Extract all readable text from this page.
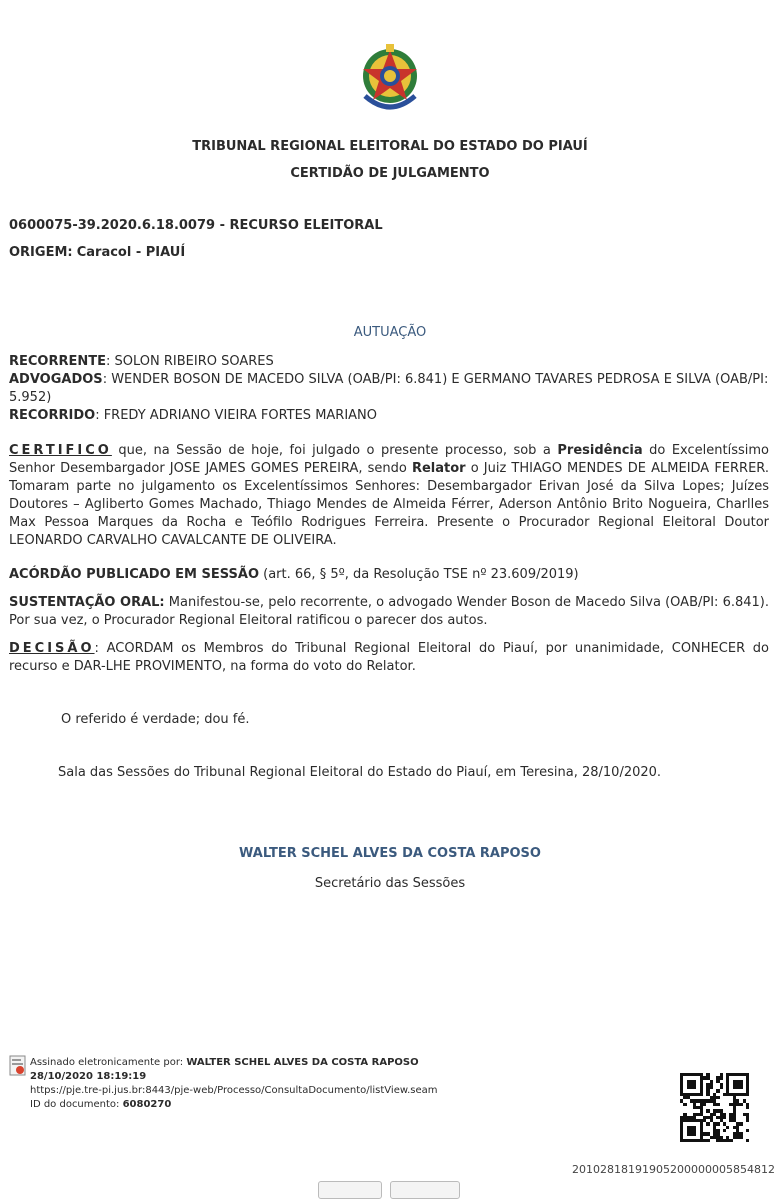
TRIBUNAL REGIONAL ELEITORAL DO ESTADO DO PIAUÍ
CERTIDÃO DE JULGAMENTO
0600075-39.2020.6.18.0079 - RECURSO ELEITORAL
ORIGEM: Caracol - PIAUÍ
AUTUAÇÃO
RECORRENTE: SOLON RIBEIRO SOARES
ADVOGADOS: WENDER BOSON DE MACEDO SILVA (OAB/PI: 6.841) E GERMANO TAVARES PEDROSA E SILVA (OAB/PI: 5.952)
RECORRIDO: FREDY ADRIANO VIEIRA FORTES MARIANO
CERTIFICO que, na Sessão de hoje, foi julgado o presente processo, sob a Presidência do Excelentíssimo Senhor Desembargador JOSE JAMES GOMES PEREIRA, sendo Relator o Juiz THIAGO MENDES DE ALMEIDA FERRER. Tomaram parte no julgamento os Excelentíssimos Senhores: Desembargador Erivan José da Silva Lopes; Juízes Doutores – Agliberto Gomes Machado, Thiago Mendes de Almeida Férrer, Aderson Antônio Brito Nogueira, Charlles Max Pessoa Marques da Rocha e Teófilo Rodrigues Ferreira. Presente o Procurador Regional Eleitoral Doutor LEONARDO CARVALHO CAVALCANTE DE OLIVEIRA.
ACÓRDÃO PUBLICADO EM SESSÃO (art. 66, § 5º, da Resolução TSE nº 23.609/2019)
SUSTENTAÇÃO ORAL: Manifestou-se, pelo recorrente, o advogado Wender Boson de Macedo Silva (OAB/PI: 6.841). Por sua vez, o Procurador Regional Eleitoral ratificou o parecer dos autos.
DECISÃO: ACORDAM os Membros do Tribunal Regional Eleitoral do Piauí, por unanimidade, CONHECER do recurso e DAR-LHE PROVIMENTO, na forma do voto do Relator.
O referido é verdade; dou fé.
Sala das Sessões do Tribunal Regional Eleitoral do Estado do Piauí, em Teresina, 28/10/2020.
WALTER SCHEL ALVES DA COSTA RAPOSO
Secretário das Sessões
Assinado eletronicamente por: WALTER SCHEL ALVES DA COSTA RAPOSO
28/10/2020 18:19:19
https://pje.tre-pi.jus.br:8443/pje-web/Processo/ConsultaDocumento/listView.seam
ID do documento: 6080270
20102818191905200000005854812
